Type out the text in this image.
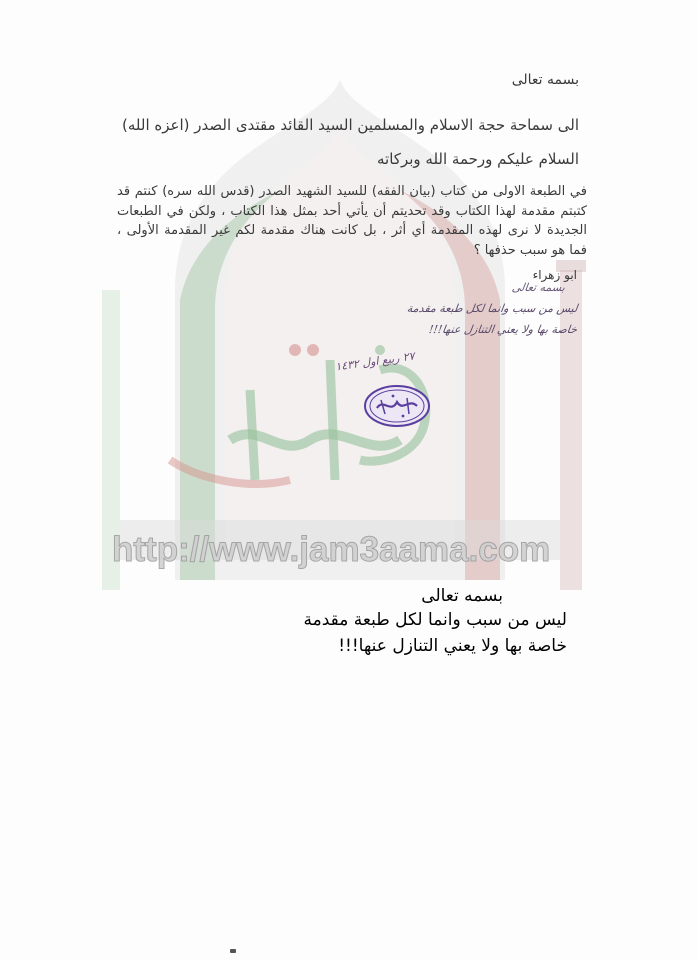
http://www.jam3aama.com
بسمه تعالى
الى سماحة حجة الاسلام والمسلمين السيد القائد مقتدى الصدر (اعزه الله)
السلام عليكم ورحمة الله وبركاته
في الطبعة الاولى من كتاب (بيان الفقه) للسيد الشهيد الصدر (قدس الله سره) كنتم قد كتبتم مقدمة لهذا الكتاب وقد تحديتم أن يأتي أحد بمثل هذا الكتاب ، ولكن في الطبعات الجديدة لا نرى لهذه المقدمة أي أثر ، بل كانت هناك مقدمة لكم غير المقدمة الأولى ، فما هو سبب حذفها ؟
ابو زهراء
بسمه تعالى
ليس من سبب وانما لكل طبعة مقدمة
خاصة بها ولا يعني التنازل عنها!!!
٢٧ ربيع اول ١٤٣٢
بسمه تعالى
ليس من سبب وانما لكل طبعة مقدمة
خاصة بها ولا يعني التنازل عنها!!!
